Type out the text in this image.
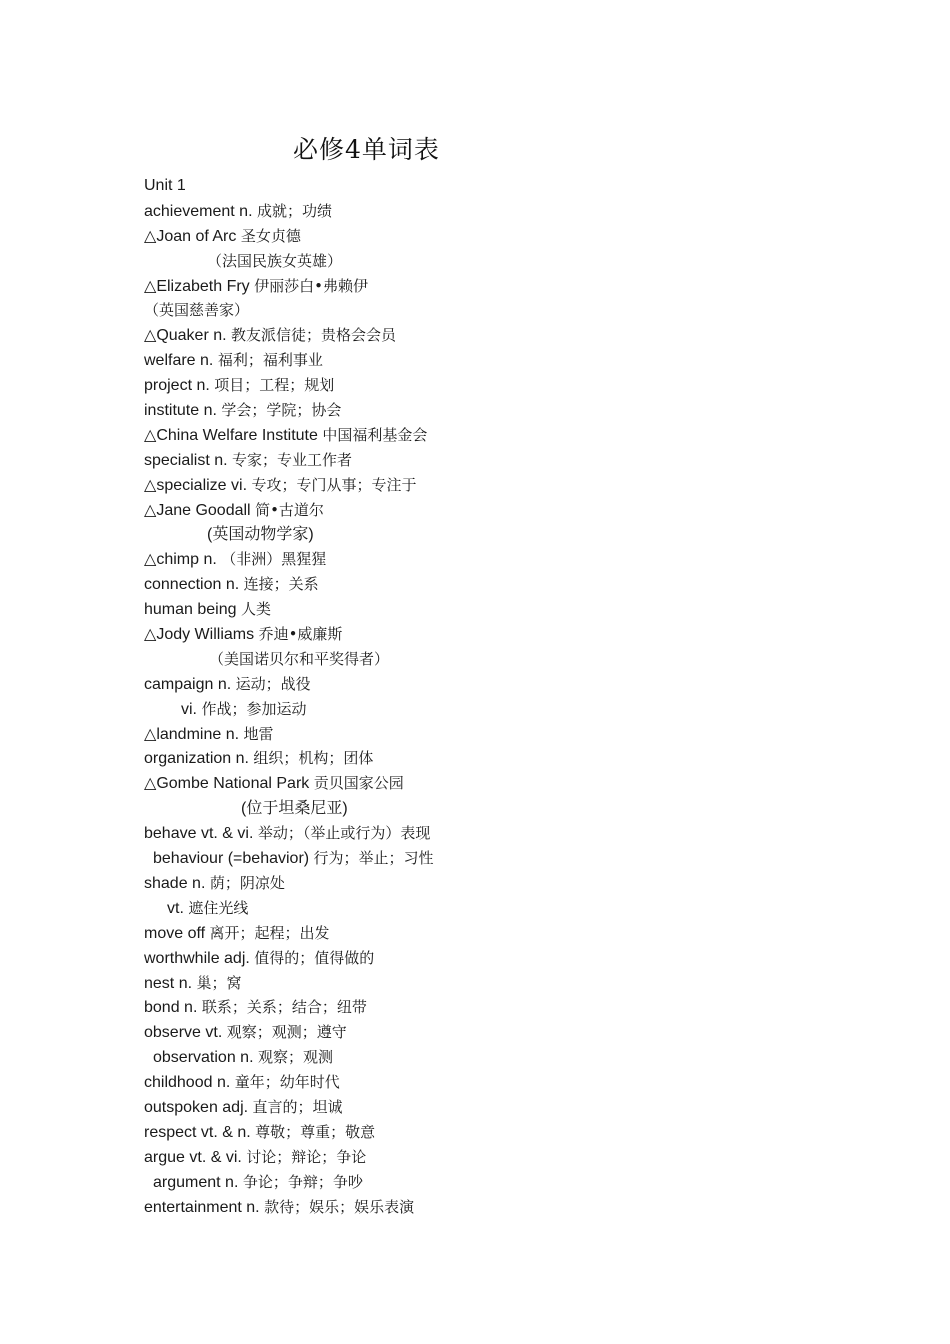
必修4单词表
Unit 1
achievement n. 成就；功绩
△Joan of Arc 圣女贞德
（法国民族女英雄）
△Elizabeth Fry 伊丽莎白•弗赖伊
（英国慈善家）
△Quaker n. 教友派信徒；贵格会会员
welfare n. 福利；福利事业
project n. 项目；工程；规划
institute n. 学会；学院；协会
△China Welfare Institute 中国福利基金会
specialist n. 专家；专业工作者
△specialize vi. 专攻；专门从事；专注于
△Jane Goodall 简•古道尔
(英国动物学家)
△chimp n. （非洲）黑猩猩
connection n. 连接；关系
human being 人类
△Jody Williams 乔迪•威廉斯
（美国诺贝尔和平奖得者）
campaign n. 运动；战役
vi. 作战；参加运动
△landmine n. 地雷
organization n. 组织；机构；团体
△Gombe National Park 贡贝国家公园
(位于坦桑尼亚)
behave vt. & vi. 举动；（举止或行为）表现
behaviour (=behavior) 行为；举止；习性
shade n. 荫；阴凉处
vt. 遮住光线
move off 离开；起程；出发
worthwhile adj. 值得的；值得做的
nest n. 巢；窝
bond n. 联系；关系；结合；纽带
observe vt. 观察；观测；遵守
observation n. 观察；观测
childhood n. 童年；幼年时代
outspoken adj. 直言的；坦诚
respect vt. & n. 尊敬；尊重；敬意
argue vt. & vi. 讨论；辩论；争论
argument n. 争论；争辩；争吵
entertainment n. 款待；娱乐；娱乐表演
